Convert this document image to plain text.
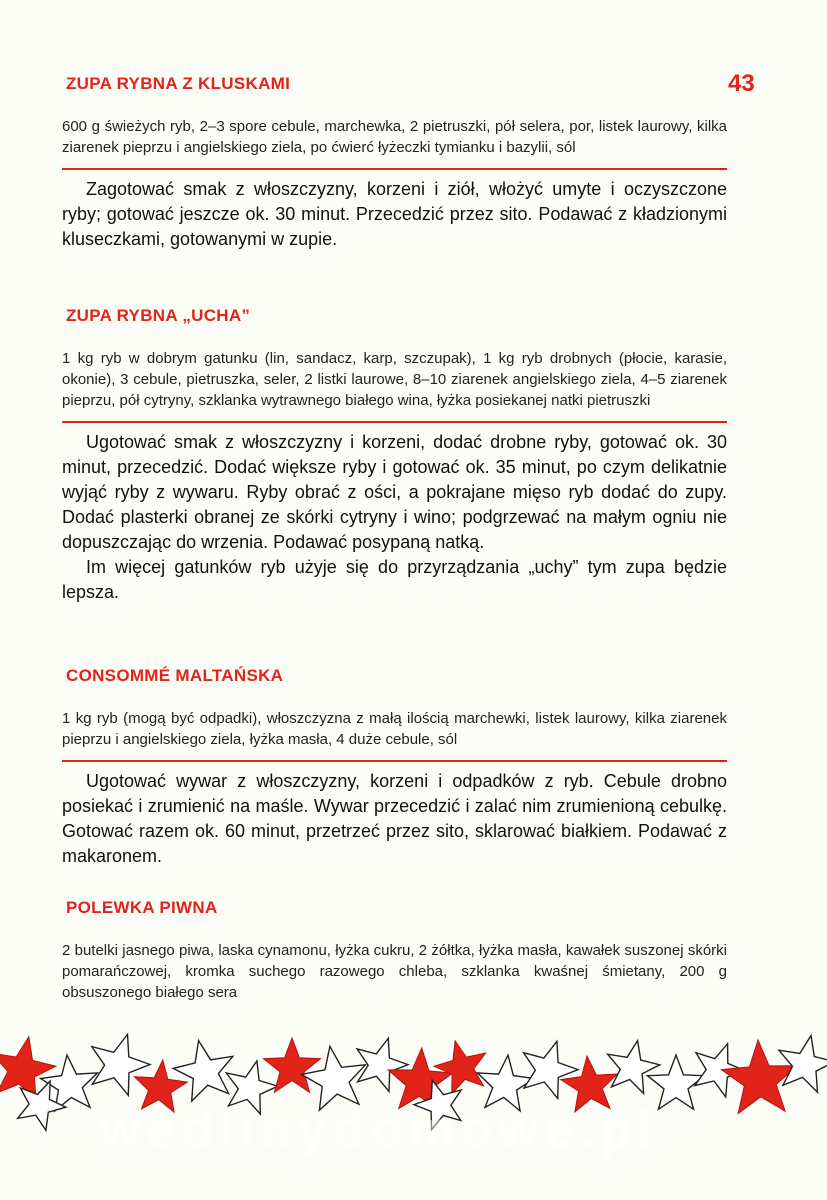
43
ZUPA RYBNA Z KLUSKAMI

600 g świeżych ryb, 2–3 spore cebule, marchewka, 2 pietruszki, pół selera, por, listek laurowy, kilka ziarenek pieprzu i angielskiego ziela, po ćwierć łyżeczki tymianku i bazylii, sól

Zagotować smak z włoszczyzny, korzeni i ziół, włożyć umyte i oczyszczone ryby; gotować jeszcze ok. 30 minut. Przecedzić przez sito. Podawać z kładzionymi kluseczkami, gotowanymi w zupie.

ZUPA RYBNA „UCHA”

1 kg ryb w dobrym gatunku (lin, sandacz, karp, szczupak), 1 kg ryb drobnych (płocie, karasie, okonie), 3 cebule, pietruszka, seler, 2 listki laurowe, 8–10 ziarenek angielskiego ziela, 4–5 ziarenek pieprzu, pół cytryny, szklanka wytrawnego białego wina, łyżka posiekanej natki pietruszki

Ugotować smak z włoszczyzny i korzeni, dodać drobne ryby, gotować ok. 30 minut, przecedzić. Dodać większe ryby i gotować ok. 35 minut, po czym delikatnie wyjąć ryby z wywaru. Ryby obrać z ości, a pokrajane mięso ryb dodać do zupy. Dodać plasterki obranej ze skórki cytryny i wino; podgrzewać na małym ogniu nie dopuszczając do wrzenia. Podawać posypaną natką.

Im więcej gatunków ryb użyje się do przyrządzania „uchy” tym zupa będzie lepsza.

CONSOMMÉ MALTAŃSKA

1 kg ryb (mogą być odpadki), włoszczyzna z małą ilością marchewki, listek laurowy, kilka ziarenek pieprzu i angielskiego ziela, łyżka masła, 4 duże cebule, sól

Ugotować wywar z włoszczyzny, korzeni i odpadków z ryb. Cebule drobno posiekać i zrumienić na maśle. Wywar przecedzić i zalać nim zrumienioną cebulkę. Gotować razem ok. 60 minut, przetrzeć przez sito, sklarować białkiem. Podawać z makaronem.

POLEWKA PIWNA

2 butelki jasnego piwa, laska cynamonu, łyżka cukru, 2 żółtka, łyżka masła, kawałek suszonej skórki pomarańczowej, kromka suchego razowego chleba, szklanka kwaśnej śmietany, 200 g obsuszonego białego sera

wedlinydomowe.pl
